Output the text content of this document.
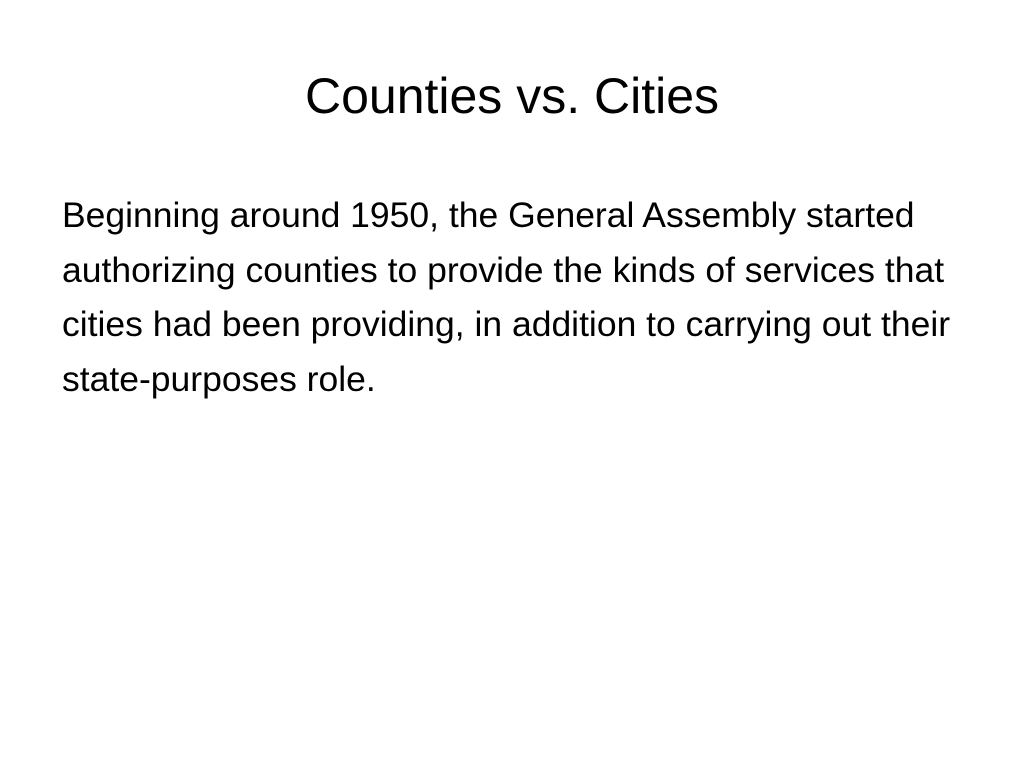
Counties vs. Cities

Beginning around 1950, the General Assembly started authorizing counties to provide the kinds of services that cities had been providing, in addition to carrying out their state-purposes role.
